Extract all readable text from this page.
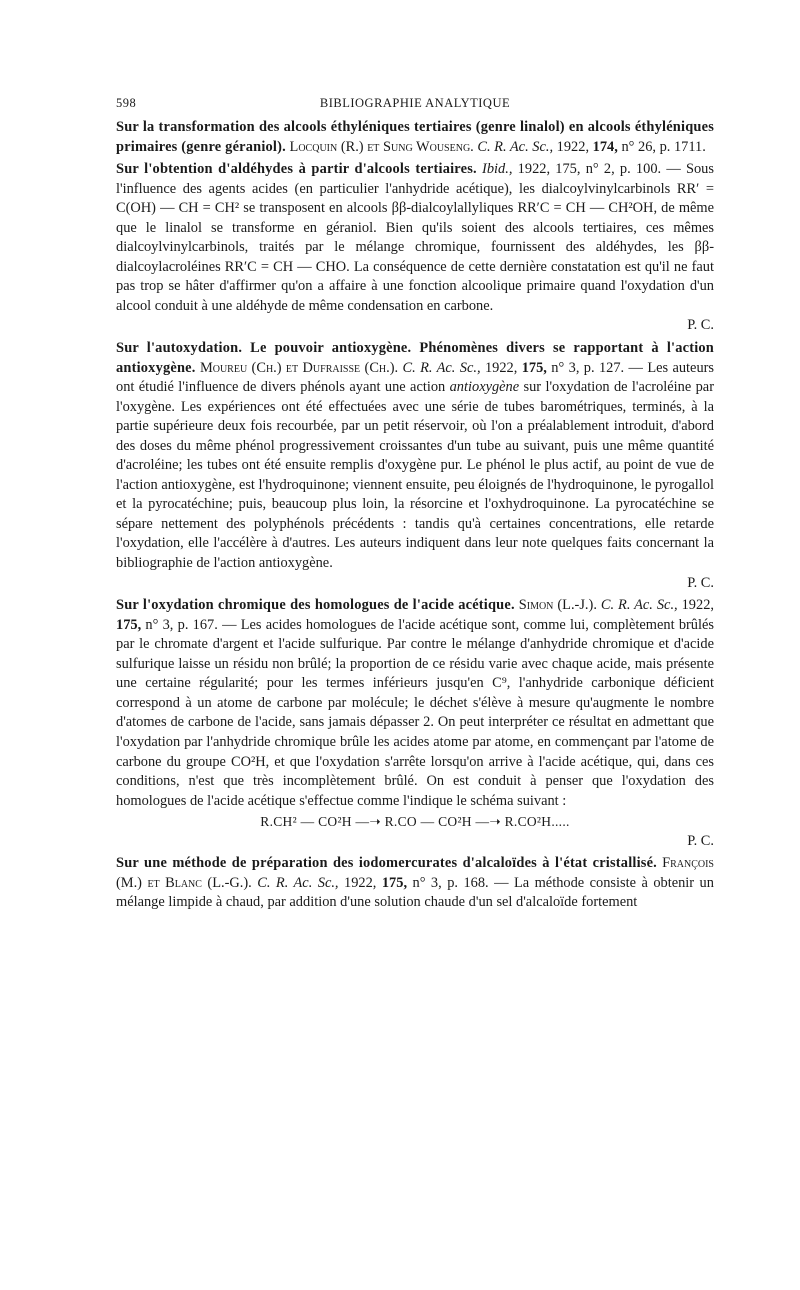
598	BIBLIOGRAPHIE ANALYTIQUE

Sur la transformation des alcools éthyléniques tertiaires (genre linalol) en alcools éthyléniques primaires (genre géraniol). Locquin (R.) et Sung Wouseng. C. R. Ac. Sc., 1922, 174, n° 26, p. 1711.

Sur l'obtention d'aldéhydes à partir d'alcools tertiaires. Ibid., 1922, 175, n° 2, p. 100. — Sous l'influence des agents acides (en particulier l'anhydride acétique), les dialcoylvinylcarbinols RR′ = C(OH) — CH = CH² se transposent en alcools ββ-dialcoylallyliques RR′C = CH — CH²OH, de même que le linalol se transforme en géraniol. Bien qu'ils soient des alcools tertiaires, ces mêmes dialcoylvinylcarbinols, traités par le mélange chromique, fournissent des aldéhydes, les ββ-dialcoylacroléines RR′C = CH — CHO. La conséquence de cette dernière constatation est qu'il ne faut pas trop se hâter d'affirmer qu'on a affaire à une fonction alcoolique primaire quand l'oxydation d'un alcool conduit à une aldéhyde de même condensation en carbone.
P. C.

Sur l'autoxydation. Le pouvoir antioxygène. Phénomènes divers se rapportant à l'action antioxygène. Moureu (Ch.) et Dufraisse (Ch.). C. R. Ac. Sc., 1922, 175, n° 3, p. 127. — Les auteurs ont étudié l'influence de divers phénols ayant une action antioxygène sur l'oxydation de l'acroléine par l'oxygène. Les expériences ont été effectuées avec une série de tubes barométriques, terminés, à la partie supérieure deux fois recourbée, par un petit réservoir, où l'on a préalablement introduit, d'abord des doses du même phénol progressivement croissantes d'un tube au suivant, puis une même quantité d'acroléine; les tubes ont été ensuite remplis d'oxygène pur. Le phénol le plus actif, au point de vue de l'action antioxygène, est l'hydroquinone; viennent ensuite, peu éloignés de l'hydroquinone, le pyrogallol et la pyrocatéchine; puis, beaucoup plus loin, la résorcine et l'oxhydroquinone. La pyrocatéchine se sépare nettement des polyphénols précédents : tandis qu'à certaines concentrations, elle retarde l'oxydation, elle l'accélère à d'autres. Les auteurs indiquent dans leur note quelques faits concernant la bibliographie de l'action antioxygène.
P. C.

Sur l'oxydation chromique des homologues de l'acide acétique. Simon (L.-J.). C. R. Ac. Sc., 1922, 175, n° 3, p. 167. — Les acides homologues de l'acide acétique sont, comme lui, complètement brûlés par le chromate d'argent et l'acide sulfurique. Par contre le mélange d'anhydride chromique et d'acide sulfurique laisse un résidu non brûlé; la proportion de ce résidu varie avec chaque acide, mais présente une certaine régularité; pour les termes inférieurs jusqu'en C⁹, l'anhydride carbonique déficient correspond à un atome de carbone par molécule; le déchet s'élève à mesure qu'augmente le nombre d'atomes de carbone de l'acide, sans jamais dépasser 2. On peut interpréter ce résultat en admettant que l'oxydation par l'anhydride chromique brûle les acides atome par atome, en commençant par l'atome de carbone du groupe CO²H, et que l'oxydation s'arrête lorsqu'on arrive à l'acide acétique, qui, dans ces conditions, n'est que très incomplètement brûlé. On est conduit à penser que l'oxydation des homologues de l'acide acétique s'effectue comme l'indique le schéma suivant :
R.CH² — CO²H —➝ R.CO — CO²H —➝ R.CO²H.....
P. C.

Sur une méthode de préparation des iodomercurates d'alcaloïdes à l'état cristallisé. François (M.) et Blanc (L.-G.). C. R. Ac. Sc., 1922, 175, n° 3, p. 168. — La méthode consiste à obtenir un mélange limpide à chaud, par addition d'une solution chaude d'un sel d'alcaloïde fortement
